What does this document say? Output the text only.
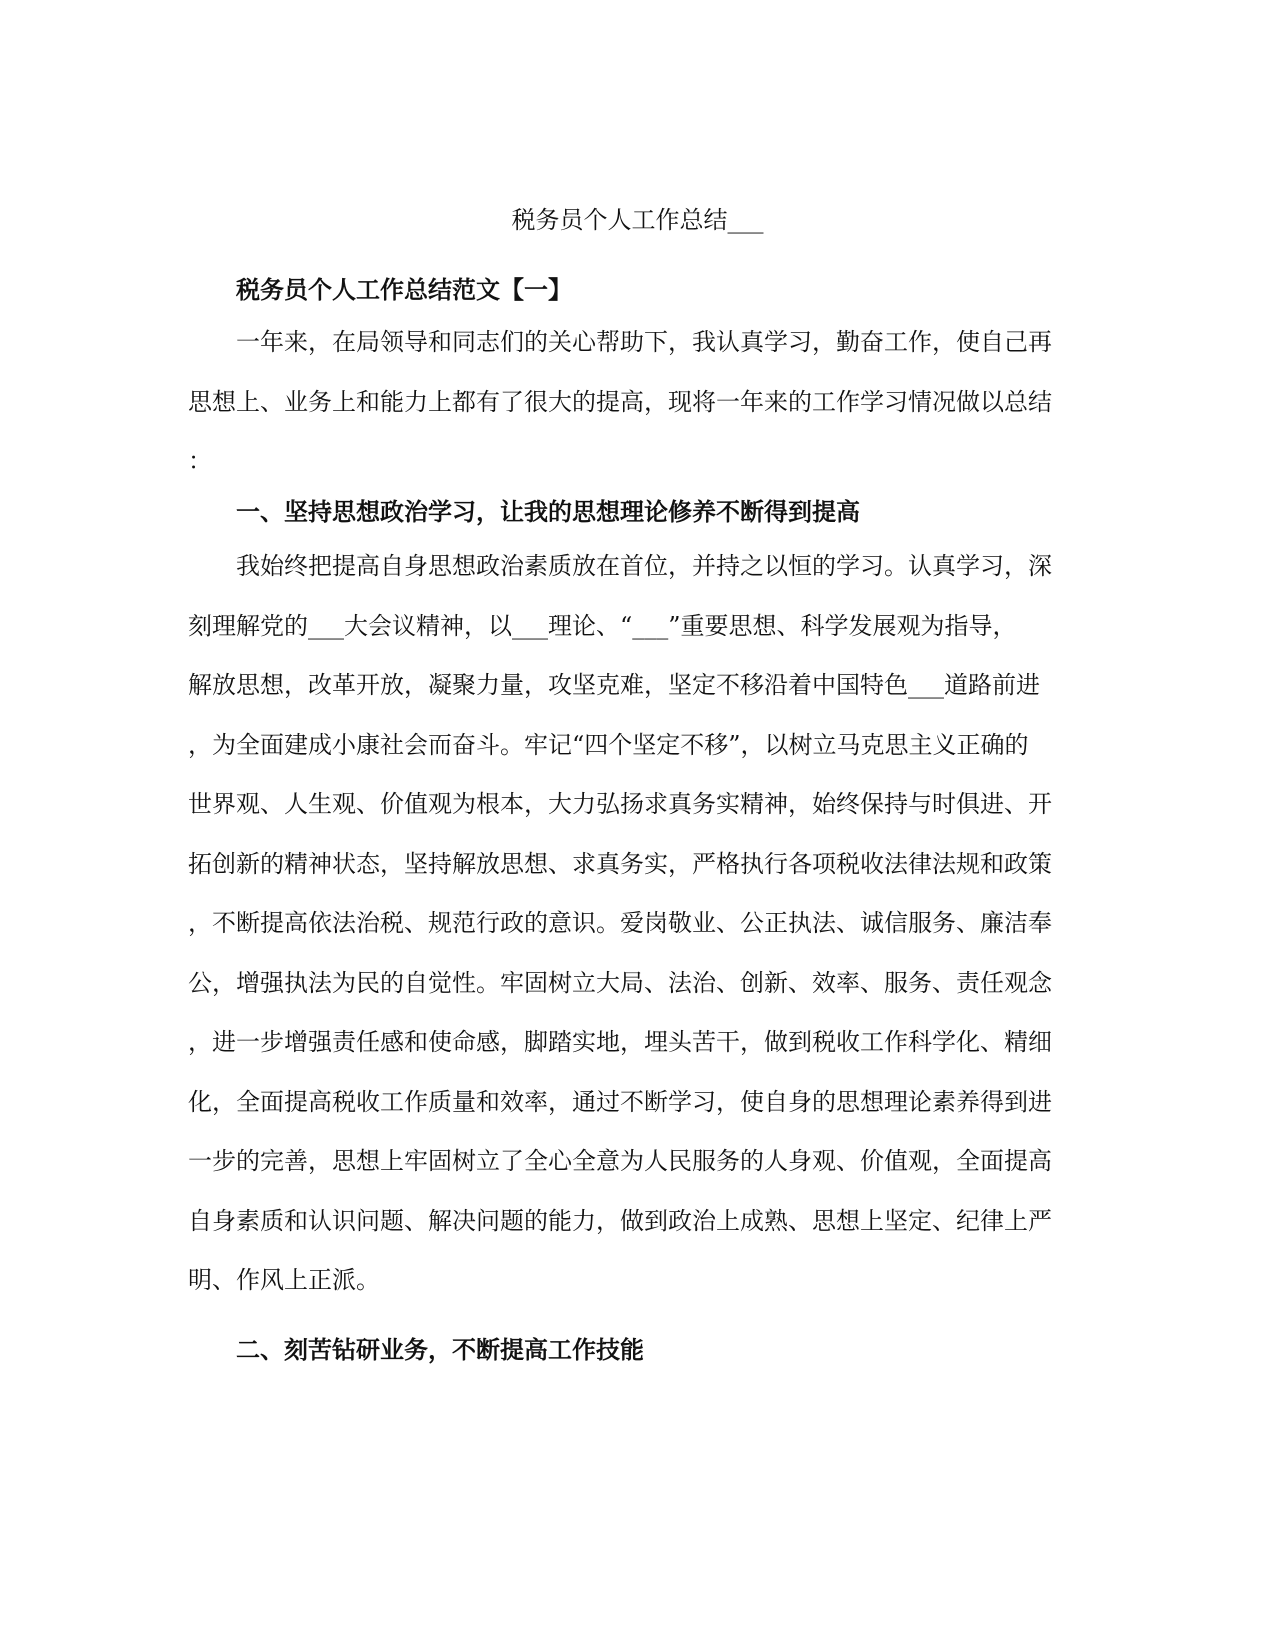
税务员个人工作总结___
税务员个人工作总结范文【一】
一年来，在局领导和同志们的关心帮助下，我认真学习，勤奋工作，使自己再
思想上、业务上和能力上都有了很大的提高，现将一年来的工作学习情况做以总结
：
一、坚持思想政治学习，让我的思想理论修养不断得到提高
我始终把提高自身思想政治素质放在首位，并持之以恒的学习。认真学习，深
刻理解党的___大会议精神，以___理论、“___”重要思想、科学发展观为指导，
解放思想，改革开放，凝聚力量，攻坚克难，坚定不移沿着中国特色___道路前进
，为全面建成小康社会而奋斗。牢记“四个坚定不移”，以树立马克思主义正确的
世界观、人生观、价值观为根本，大力弘扬求真务实精神，始终保持与时俱进、开
拓创新的精神状态，坚持解放思想、求真务实，严格执行各项税收法律法规和政策
，不断提高依法治税、规范行政的意识。爱岗敬业、公正执法、诚信服务、廉洁奉
公，增强执法为民的自觉性。牢固树立大局、法治、创新、效率、服务、责任观念
，进一步增强责任感和使命感，脚踏实地，埋头苦干，做到税收工作科学化、精细
化，全面提高税收工作质量和效率，通过不断学习，使自身的思想理论素养得到进
一步的完善，思想上牢固树立了全心全意为人民服务的人身观、价值观，全面提高
自身素质和认识问题、解决问题的能力，做到政治上成熟、思想上坚定、纪律上严
明、作风上正派。
二、刻苦钻研业务，不断提高工作技能
